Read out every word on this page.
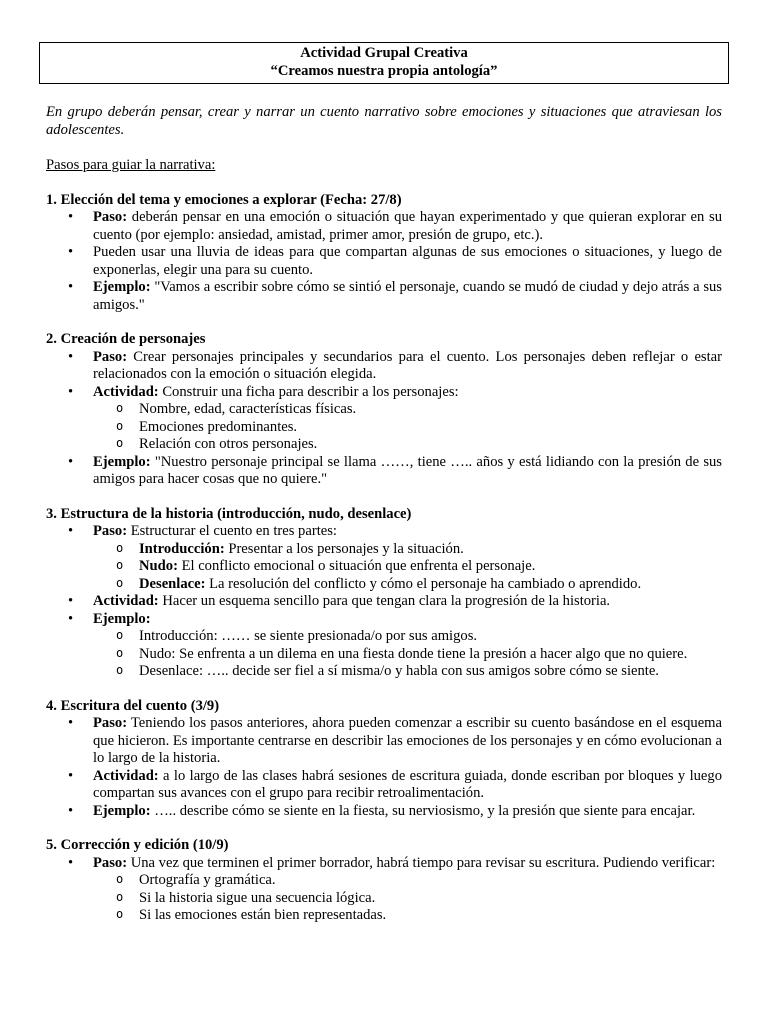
Actividad Grupal Creativa
“Creamos nuestra propia antología”
En grupo deberán pensar, crear y narrar un cuento narrativo sobre emociones y situaciones que atraviesan los adolescentes.
Pasos para guiar la narrativa:
1. Elección del tema y emociones a explorar (Fecha: 27/8)
• Paso: deberán pensar en una emoción o situación que hayan experimentado y que quieran explorar en su cuento (por ejemplo: ansiedad, amistad, primer amor, presión de grupo, etc.).
• Pueden usar una lluvia de ideas para que compartan algunas de sus emociones o situaciones, y luego de exponerlas, elegir una para su cuento.
• Ejemplo: "Vamos a escribir sobre cómo se sintió el personaje, cuando se mudó de ciudad y dejo atrás a sus amigos."
2. Creación de personajes
• Paso: Crear personajes principales y secundarios para el cuento. Los personajes deben reflejar o estar relacionados con la emoción o situación elegida.
• Actividad: Construir una ficha para describir a los personajes:
o Nombre, edad, características físicas.
o Emociones predominantes.
o Relación con otros personajes.
• Ejemplo: "Nuestro personaje principal se llama ……, tiene ….. años y está lidiando con la presión de sus amigos para hacer cosas que no quiere."
3. Estructura de la historia (introducción, nudo, desenlace)
• Paso: Estructurar el cuento en tres partes:
o Introducción: Presentar a los personajes y la situación.
o Nudo: El conflicto emocional o situación que enfrenta el personaje.
o Desenlace: La resolución del conflicto y cómo el personaje ha cambiado o aprendido.
• Actividad: Hacer un esquema sencillo para que tengan clara la progresión de la historia.
• Ejemplo:
o Introducción: …… se siente presionada/o por sus amigos.
o Nudo: Se enfrenta a un dilema en una fiesta donde tiene la presión a hacer algo que no quiere.
o Desenlace: ….. decide ser fiel a sí misma/o y habla con sus amigos sobre cómo se siente.
4. Escritura del cuento (3/9)
• Paso: Teniendo los pasos anteriores, ahora pueden comenzar a escribir su cuento basándose en el esquema que hicieron. Es importante centrarse en describir las emociones de los personajes y en cómo evolucionan a lo largo de la historia.
• Actividad: a lo largo de las clases habrá sesiones de escritura guiada, donde escriban por bloques y luego compartan sus avances con el grupo para recibir retroalimentación.
• Ejemplo: ….. describe cómo se siente en la fiesta, su nerviosismo, y la presión que siente para encajar.
5. Corrección y edición (10/9)
• Paso: Una vez que terminen el primer borrador, habrá tiempo para revisar su escritura. Pudiendo verificar:
o Ortografía y gramática.
o Si la historia sigue una secuencia lógica.
o Si las emociones están bien representadas.
